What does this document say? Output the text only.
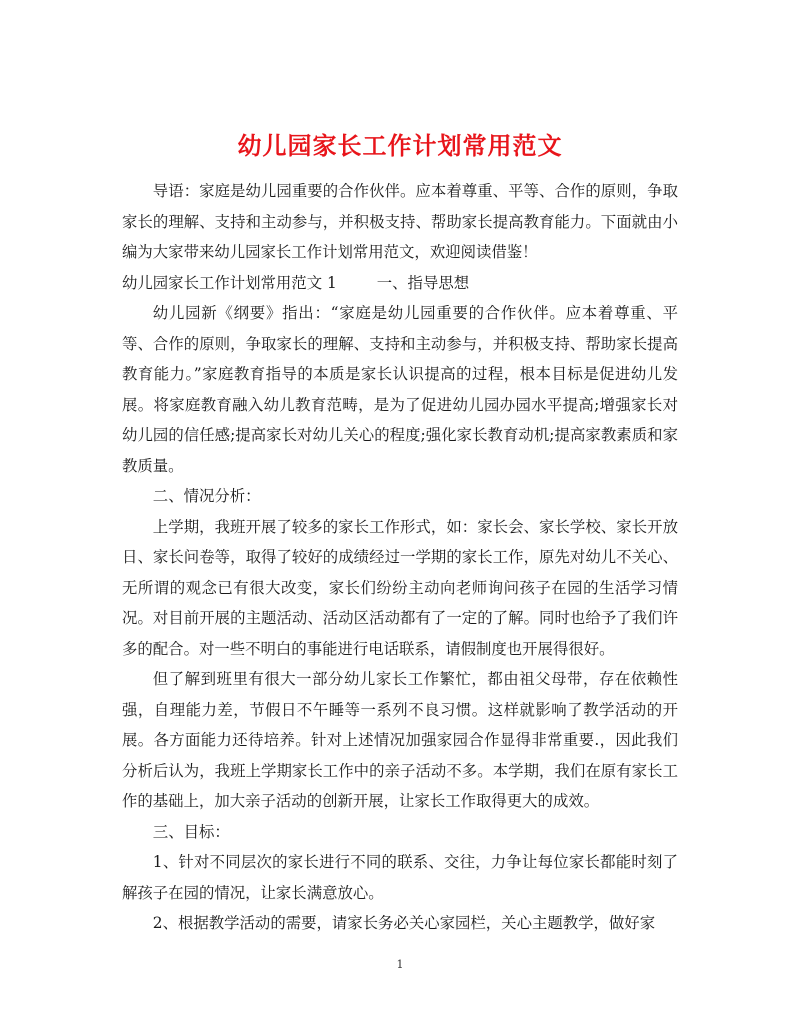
幼儿园家长工作计划常用范文

导语：家庭是幼儿园重要的合作伙伴。应本着尊重、平等、合作的原则，争取家长的理解、支持和主动参与，并积极支持、帮助家长提高教育能力。下面就由小编为大家带来幼儿园家长工作计划常用范文，欢迎阅读借鉴！

幼儿园家长工作计划常用范文 1	一、指导思想

幼儿园新《纲要》指出：“家庭是幼儿园重要的合作伙伴。应本着尊重、平等、合作的原则，争取家长的理解、支持和主动参与，并积极支持、帮助家长提高教育能力。”家庭教育指导的本质是家长认识提高的过程，根本目标是促进幼儿发展。将家庭教育融入幼儿教育范畴，是为了促进幼儿园办园水平提高;增强家长对幼儿园的信任感;提高家长对幼儿关心的程度;强化家长教育动机;提高家教素质和家教质量。

二、情况分析：

上学期，我班开展了较多的家长工作形式，如：家长会、家长学校、家长开放日、家长问卷等，取得了较好的成绩经过一学期的家长工作，原先对幼儿不关心、无所谓的观念已有很大改变，家长们纷纷主动向老师询问孩子在园的生活学习情况。对目前开展的主题活动、活动区活动都有了一定的了解。同时也给予了我们许多的配合。对一些不明白的事能进行电话联系，请假制度也开展得很好。

但了解到班里有很大一部分幼儿家长工作繁忙，都由祖父母带，存在依赖性强，自理能力差，节假日不午睡等一系列不良习惯。这样就影响了教学活动的开展。各方面能力还待培养。针对上述情况加强家园合作显得非常重要.，因此我们分析后认为，我班上学期家长工作中的亲子活动不多。本学期，我们在原有家长工作的基础上，加大亲子活动的创新开展，让家长工作取得更大的成效。

三、目标：

1、针对不同层次的家长进行不同的联系、交往，力争让每位家长都能时刻了解孩子在园的情况，让家长满意放心。

2、根据教学活动的需要，请家长务必关心家园栏，关心主题教学，做好家

1
